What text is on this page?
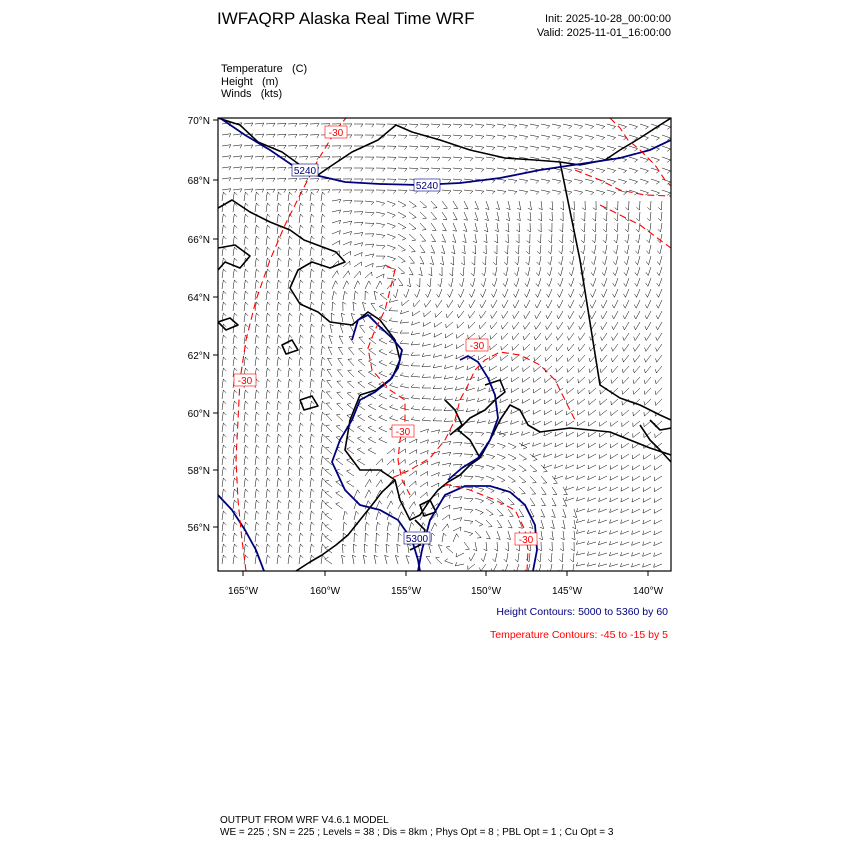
IWFAQRP Alaska Real Time WRF	Init: 2025-10-28_00:00:00
Valid: 2025-11-01_16:00:00
Temperature (C)
Height (m)
Winds (kts)
5240
5240
5300
-30
-30
-30
-30
-30
70°N
68°N
66°N
64°N
62°N
60°N
58°N
56°N
165°W	160°W	155°W	150°W	145°W	140°W
Height Contours: 5000 to 5360 by 60
Temperature Contours: -45 to -15 by 5
OUTPUT FROM WRF V4.6.1 MODEL
WE = 225 ; SN = 225 ; Levels = 38 ; Dis = 8km ; Phys Opt = 8 ; PBL Opt = 1 ; Cu Opt = 3
